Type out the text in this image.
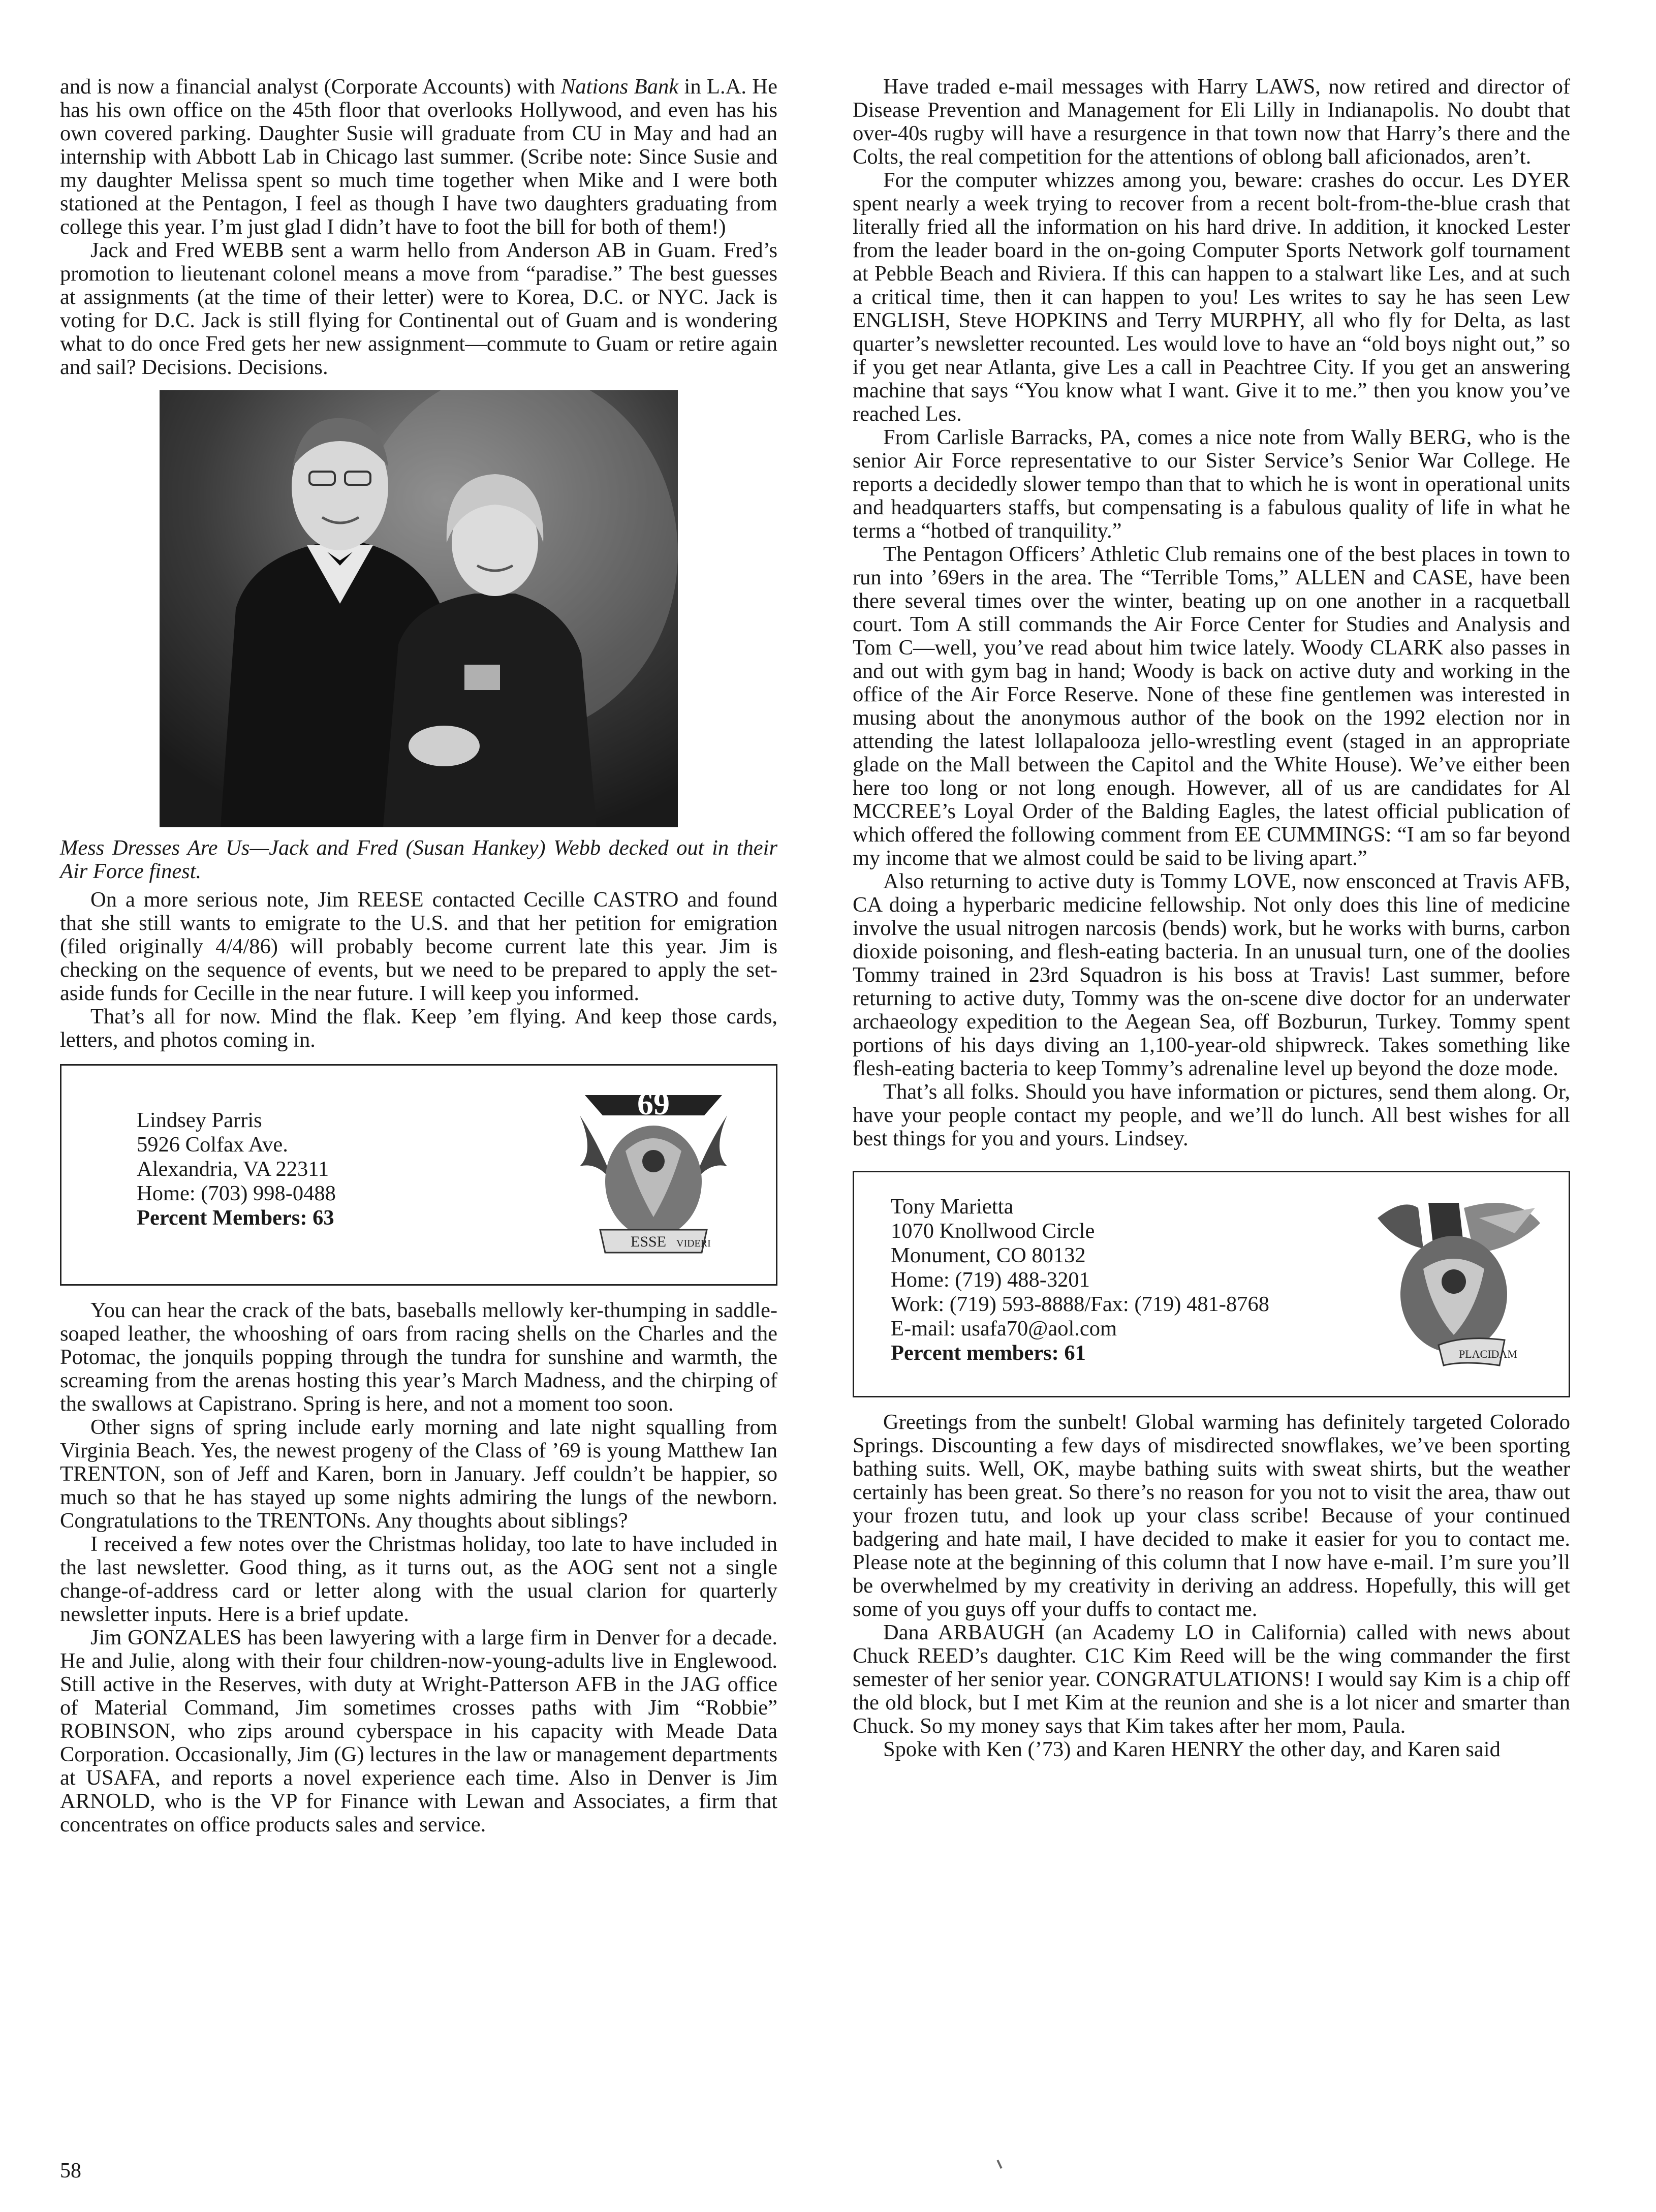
and is now a financial analyst (Corporate Accounts) with Nations Bank in L.A. He has his own office on the 45th floor that overlooks Hollywood, and even has his own covered parking. Daughter Susie will graduate from CU in May and had an internship with Abbott Lab in Chicago last summer. (Scribe note: Since Susie and my daughter Melissa spent so much time together when Mike and I were both stationed at the Pentagon, I feel as though I have two daughters graduating from college this year. I’m just glad I didn’t have to foot the bill for both of them!)

Jack and Fred WEBB sent a warm hello from Anderson AB in Guam. Fred’s promotion to lieutenant colonel means a move from “paradise.” The best guesses at assignments (at the time of their letter) were to Korea, D.C. or NYC. Jack is voting for D.C. Jack is still flying for Continental out of Guam and is wondering what to do once Fred gets her new assignment—commute to Guam or retire again and sail? Decisions. Decisions.

Mess Dresses Are Us—Jack and Fred (Susan Hankey) Webb decked out in their Air Force finest.

On a more serious note, Jim REESE contacted Cecille CASTRO and found that she still wants to emigrate to the U.S. and that her petition for emigration (filed originally 4/4/86) will probably become current late this year. Jim is checking on the sequence of events, but we need to be prepared to apply the set-aside funds for Cecille in the near future. I will keep you informed.

That’s all for now. Mind the flak. Keep ’em flying. And keep those cards, letters, and photos coming in.

Lindsey Parris
5926 Colfax Ave.
Alexandria, VA 22311
Home: (703) 998-0488
Percent Members: 63
69
ESSE VIDERI

You can hear the crack of the bats, baseballs mellowly ker-thumping in saddle-soaped leather, the whooshing of oars from racing shells on the Charles and the Potomac, the jonquils popping through the tundra for sunshine and warmth, the screaming from the arenas hosting this year’s March Madness, and the chirping of the swallows at Capistrano. Spring is here, and not a moment too soon.

Other signs of spring include early morning and late night squalling from Virginia Beach. Yes, the newest progeny of the Class of ’69 is young Matthew Ian TRENTON, son of Jeff and Karen, born in January. Jeff couldn’t be happier, so much so that he has stayed up some nights admiring the lungs of the newborn. Congratulations to the TRENTONs. Any thoughts about siblings?

I received a few notes over the Christmas holiday, too late to have included in the last newsletter. Good thing, as it turns out, as the AOG sent not a single change-of-address card or letter along with the usual clarion for quarterly newsletter inputs. Here is a brief update.

Jim GONZALES has been lawyering with a large firm in Denver for a decade. He and Julie, along with their four children-now-young-adults live in Englewood. Still active in the Reserves, with duty at Wright-Patterson AFB in the JAG office of Material Command, Jim sometimes crosses paths with Jim “Robbie” ROBINSON, who zips around cyberspace in his capacity with Meade Data Corporation. Occasionally, Jim (G) lectures in the law or management departments at USAFA, and reports a novel experience each time. Also in Denver is Jim ARNOLD, who is the VP for Finance with Lewan and Associates, a firm that concentrates on office products sales and service.

Have traded e-mail messages with Harry LAWS, now retired and director of Disease Prevention and Management for Eli Lilly in Indianapolis. No doubt that over-40s rugby will have a resurgence in that town now that Harry’s there and the Colts, the real competition for the attentions of oblong ball aficionados, aren’t.

For the computer whizzes among you, beware: crashes do occur. Les DYER spent nearly a week trying to recover from a recent bolt-from-the-blue crash that literally fried all the information on his hard drive. In addition, it knocked Lester from the leader board in the on-going Computer Sports Network golf tournament at Pebble Beach and Riviera. If this can happen to a stalwart like Les, and at such a critical time, then it can happen to you! Les writes to say he has seen Lew ENGLISH, Steve HOPKINS and Terry MURPHY, all who fly for Delta, as last quarter’s newsletter recounted. Les would love to have an “old boys night out,” so if you get near Atlanta, give Les a call in Peachtree City. If you get an answering machine that says “You know what I want. Give it to me.” then you know you’ve reached Les.

From Carlisle Barracks, PA, comes a nice note from Wally BERG, who is the senior Air Force representative to our Sister Service’s Senior War College. He reports a decidedly slower tempo than that to which he is wont in operational units and headquarters staffs, but compensating is a fabulous quality of life in what he terms a “hotbed of tranquility.”

The Pentagon Officers’ Athletic Club remains one of the best places in town to run into ’69ers in the area. The “Terrible Toms,” ALLEN and CASE, have been there several times over the winter, beating up on one another in a racquetball court. Tom A still commands the Air Force Center for Studies and Analysis and Tom C—well, you’ve read about him twice lately. Woody CLARK also passes in and out with gym bag in hand; Woody is back on active duty and working in the office of the Air Force Reserve. None of these fine gentlemen was interested in musing about the anonymous author of the book on the 1992 election nor in attending the latest lollapalooza jello-wrestling event (staged in an appropriate glade on the Mall between the Capitol and the White House). We’ve either been here too long or not long enough. However, all of us are candidates for Al MCCREE’s Loyal Order of the Balding Eagles, the latest official publication of which offered the following comment from EE CUMMINGS: “I am so far beyond my income that we almost could be said to be living apart.”

Also returning to active duty is Tommy LOVE, now ensconced at Travis AFB, CA doing a hyperbaric medicine fellowship. Not only does this line of medicine involve the usual nitrogen narcosis (bends) work, but he works with burns, carbon dioxide poisoning, and flesh-eating bacteria. In an unusual turn, one of the doolies Tommy trained in 23rd Squadron is his boss at Travis! Last summer, before returning to active duty, Tommy was the on-scene dive doctor for an underwater archaeology expedition to the Aegean Sea, off Bozburun, Turkey. Tommy spent portions of his days diving an 1,100-year-old shipwreck. Takes something like flesh-eating bacteria to keep Tommy’s adrenaline level up beyond the doze mode.

That’s all folks. Should you have information or pictures, send them along. Or, have your people contact my people, and we’ll do lunch. All best wishes for all best things for you and yours. Lindsey.

Tony Marietta
1070 Knollwood Circle
Monument, CO 80132
Home: (719) 488-3201
Work: (719) 593-8888/Fax: (719) 481-8768
E-mail: usafa70@aol.com
Percent members: 61	PLACIDAM

Greetings from the sunbelt! Global warming has definitely targeted Colorado Springs. Discounting a few days of misdirected snowflakes, we’ve been sporting bathing suits. Well, OK, maybe bathing suits with sweat shirts, but the weather certainly has been great. So there’s no reason for you not to visit the area, thaw out your frozen tutu, and look up your class scribe! Because of your continued badgering and hate mail, I have decided to make it easier for you to contact me. Please note at the beginning of this column that I now have e-mail. I’m sure you’ll be overwhelmed by my creativity in deriving an address. Hopefully, this will get some of you guys off your duffs to contact me.

Dana ARBAUGH (an Academy LO in California) called with news about Chuck REED’s daughter. C1C Kim Reed will be the wing commander the first semester of her senior year. CONGRATULATIONS! I would say Kim is a chip off the old block, but I met Kim at the reunion and she is a lot nicer and smarter than Chuck. So my money says that Kim takes after her mom, Paula.

Spoke with Ken (’73) and Karen HENRY the other day, and Karen said

58
